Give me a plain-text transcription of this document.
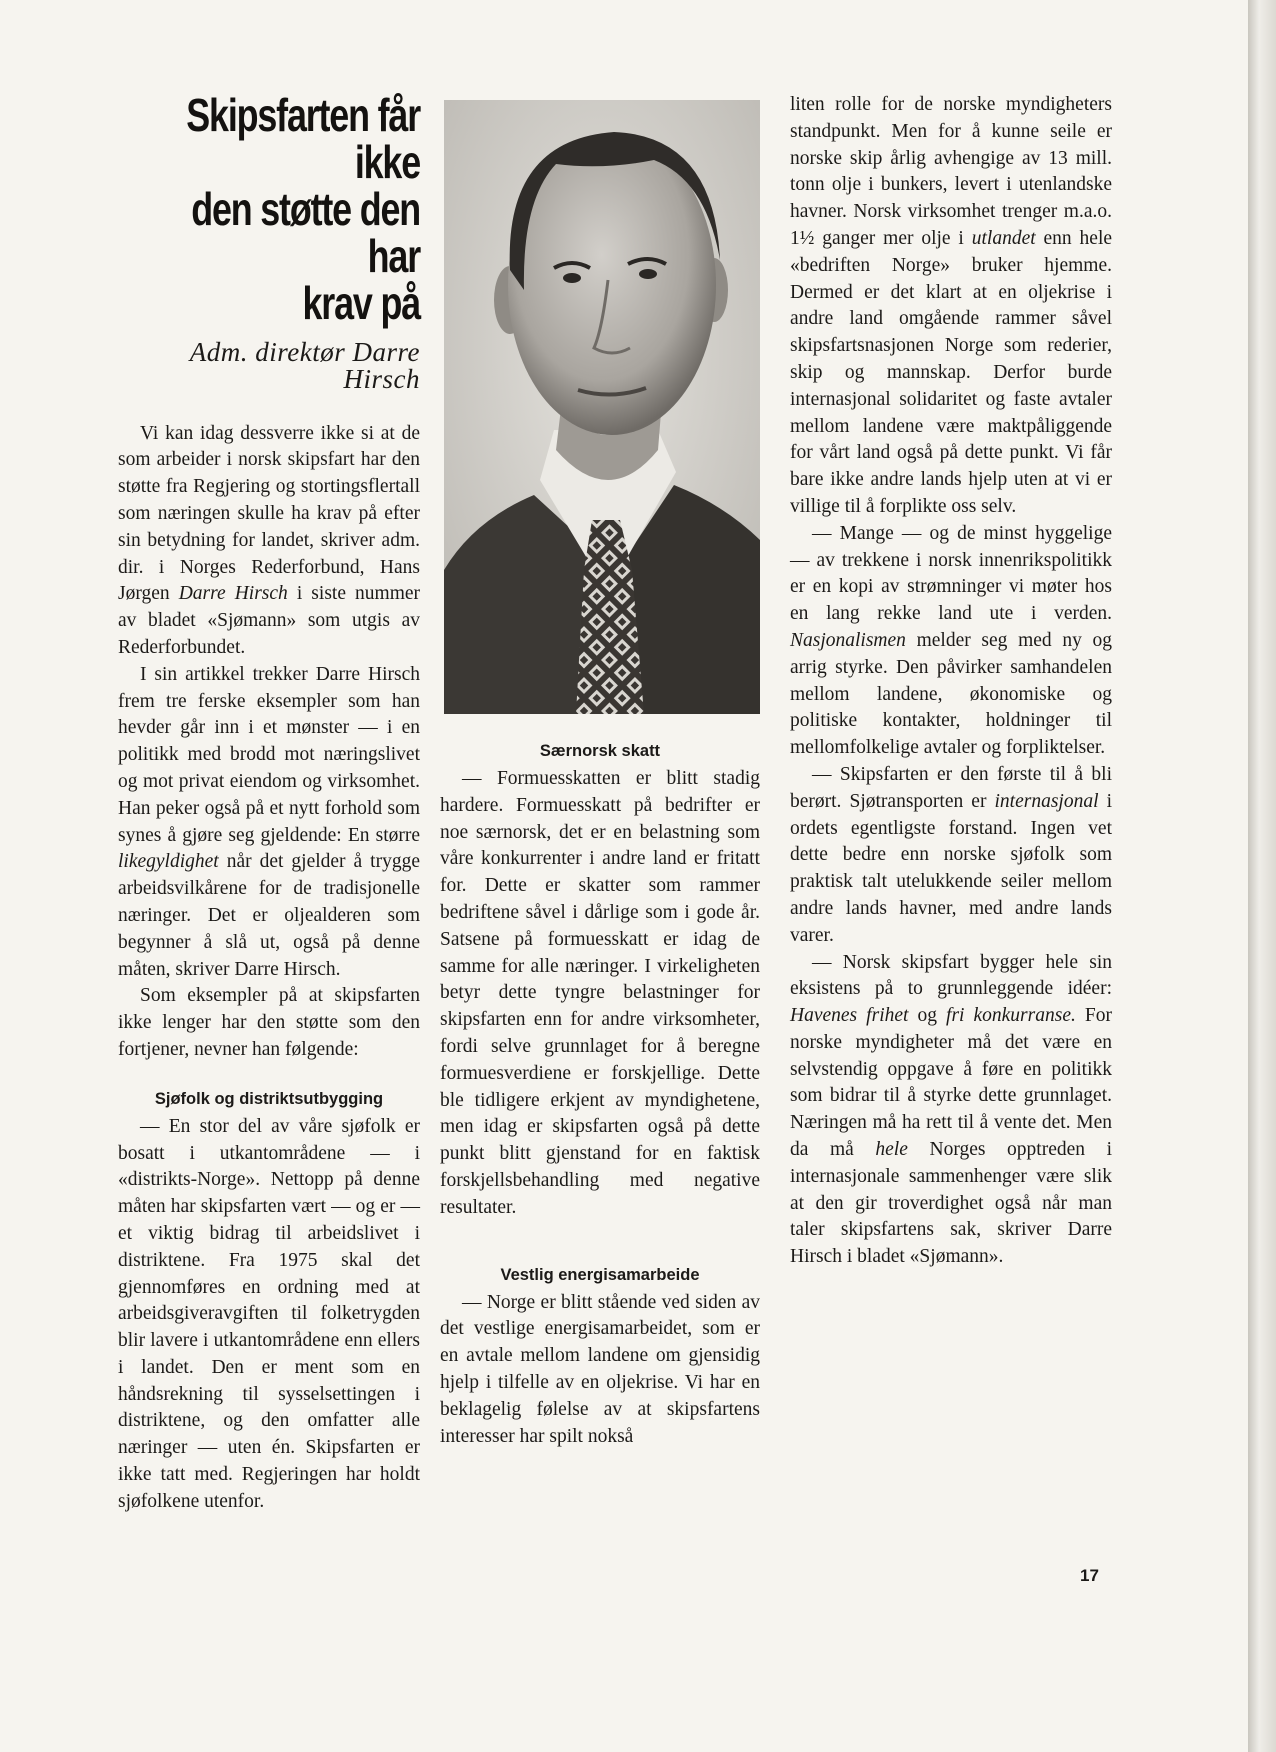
Skipsfarten får ikke
den støtte den har
krav på
Adm. direktør Darre Hirsch

Vi kan idag dessverre ikke si at de som arbeider i norsk skipsfart har den støtte fra Regjering og stortingsflertall som næringen skulle ha krav på efter sin betydning for landet, skriver adm. dir. i Norges Rederforbund, Hans Jørgen Darre Hirsch i siste nummer av bladet «Sjømann» som utgis av Rederforbundet.

I sin artikkel trekker Darre Hirsch frem tre ferske eksempler som han hevder går inn i et mønster — i en politikk med brodd mot næringslivet og mot privat eiendom og virksomhet. Han peker også på et nytt forhold som synes å gjøre seg gjeldende: En større likegyldighet når det gjelder å trygge arbeidsvilkårene for de tradisjonelle næringer. Det er oljealderen som begynner å slå ut, også på denne måten, skriver Darre Hirsch.

Som eksempler på at skipsfarten ikke lenger har den støtte som den fortjener, nevner han følgende:

Sjøfolk og distriktsutbygging

— En stor del av våre sjøfolk er bosatt i utkantområdene — i «distrikts-Norge». Nettopp på denne måten har skipsfarten vært — og er — et viktig bidrag til arbeidslivet i distriktene. Fra 1975 skal det gjennomføres en ordning med at arbeidsgiveravgiften til folketrygden blir lavere i utkantområdene enn ellers i landet. Den er ment som en håndsrekning til sysselsettingen i distriktene, og den omfatter alle næringer — uten én. Skipsfarten er ikke tatt med. Regjeringen har holdt sjøfolkene utenfor.

Særnorsk skatt

— Formuesskatten er blitt stadig hardere. Formuesskatt på bedrifter er noe særnorsk, det er en belastning som våre konkurrenter i andre land er fritatt for. Dette er skatter som rammer bedriftene såvel i dårlige som i gode år. Satsene på formuesskatt er idag de samme for alle næringer. I virkeligheten betyr dette tyngre belastninger for skipsfarten enn for andre virksomheter, fordi selve grunnlaget for å beregne formuesverdiene er forskjellige. Dette ble tidligere erkjent av myndighetene, men idag er skipsfarten også på dette punkt blitt gjenstand for en faktisk forskjellsbehandling med negative resultater.

Vestlig energisamarbeide

— Norge er blitt stående ved siden av det vestlige energisamarbeidet, som er en avtale mellom landene om gjensidig hjelp i tilfelle av en oljekrise. Vi har en beklagelig følelse av at skipsfartens interesser har spilt nokså

liten rolle for de norske myndigheters standpunkt. Men for å kunne seile er norske skip årlig avhengige av 13 mill. tonn olje i bunkers, levert i utenlandske havner. Norsk virksomhet trenger m.a.o. 1½ ganger mer olje i utlandet enn hele «bedriften Norge» bruker hjemme. Dermed er det klart at en oljekrise i andre land omgående rammer såvel skipsfartsnasjonen Norge som rederier, skip og mannskap. Derfor burde internasjonal solidaritet og faste avtaler mellom landene være maktpåliggende for vårt land også på dette punkt. Vi får bare ikke andre lands hjelp uten at vi er villige til å forplikte oss selv.

— Mange — og de minst hyggelige — av trekkene i norsk innenrikspolitikk er en kopi av strømninger vi møter hos en lang rekke land ute i verden. Nasjonalismen melder seg med ny og arrig styrke. Den påvirker samhandelen mellom landene, økonomiske og politiske kontakter, holdninger til mellomfolkelige avtaler og forpliktelser.

— Skipsfarten er den første til å bli berørt. Sjøtransporten er internasjonal i ordets egentligste forstand. Ingen vet dette bedre enn norske sjøfolk som praktisk talt utelukkende seiler mellom andre lands havner, med andre lands varer.

— Norsk skipsfart bygger hele sin eksistens på to grunnleggende idéer: Havenes frihet og fri konkurranse. For norske myndigheter må det være en selvstendig oppgave å føre en politikk som bidrar til å styrke dette grunnlaget. Næringen må ha rett til å vente det. Men da må hele Norges opptreden i internasjonale sammenhenger være slik at den gir troverdighet også når man taler skipsfartens sak, skriver Darre Hirsch i bladet «Sjømann».

17
